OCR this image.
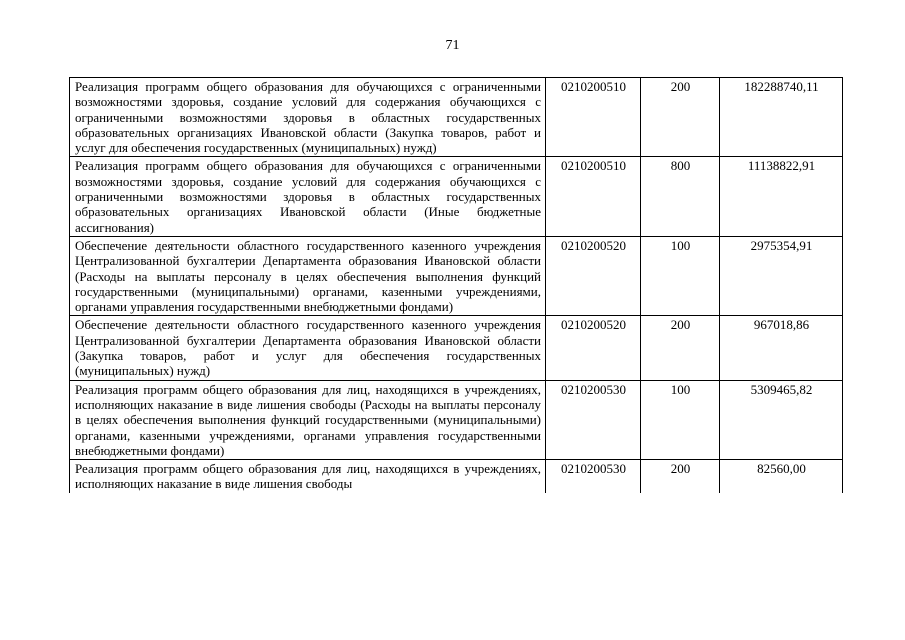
71
Реализация программ общего образования для обучающихся с ограниченными возможностями здоровья, создание условий для содержания обучающихся с ограниченными возможностями здоровья в областных государственных образовательных организациях Ивановской области (Закупка товаров, работ и услуг для обеспечения государственных (муниципальных) нужд)	0210200510	200	182288740,11
Реализация программ общего образования для обучающихся с ограниченными возможностями здоровья, создание условий для содержания обучающихся с ограниченными возможностями здоровья в областных государственных образовательных организациях Ивановской области (Иные бюджетные ассигнования)	0210200510	800	11138822,91
Обеспечение деятельности областного государственного казенного учреждения Централизованной бухгалтерии Департамента образования Ивановской области (Расходы на выплаты персоналу в целях обеспечения выполнения функций государственными (муниципальными) органами, казенными учреждениями, органами управления государственными внебюджетными фондами)	0210200520	100	2975354,91
Обеспечение деятельности областного государственного казенного учреждения Централизованной бухгалтерии Департамента образования Ивановской области (Закупка товаров, работ и услуг для обеспечения государственных (муниципальных) нужд)	0210200520	200	967018,86
Реализация программ общего образования для лиц, находящихся в учреждениях, исполняющих наказание в виде лишения свободы (Расходы на выплаты персоналу в целях обеспечения выполнения функций государственными (муниципальными) органами, казенными учреждениями, органами управления государственными внебюджетными фондами)	0210200530	100	5309465,82

Реализация программ общего образования для лиц, находящихся в учреждениях, исполняющих наказание в виде лишения свободы	0210200530	200	82560,00
